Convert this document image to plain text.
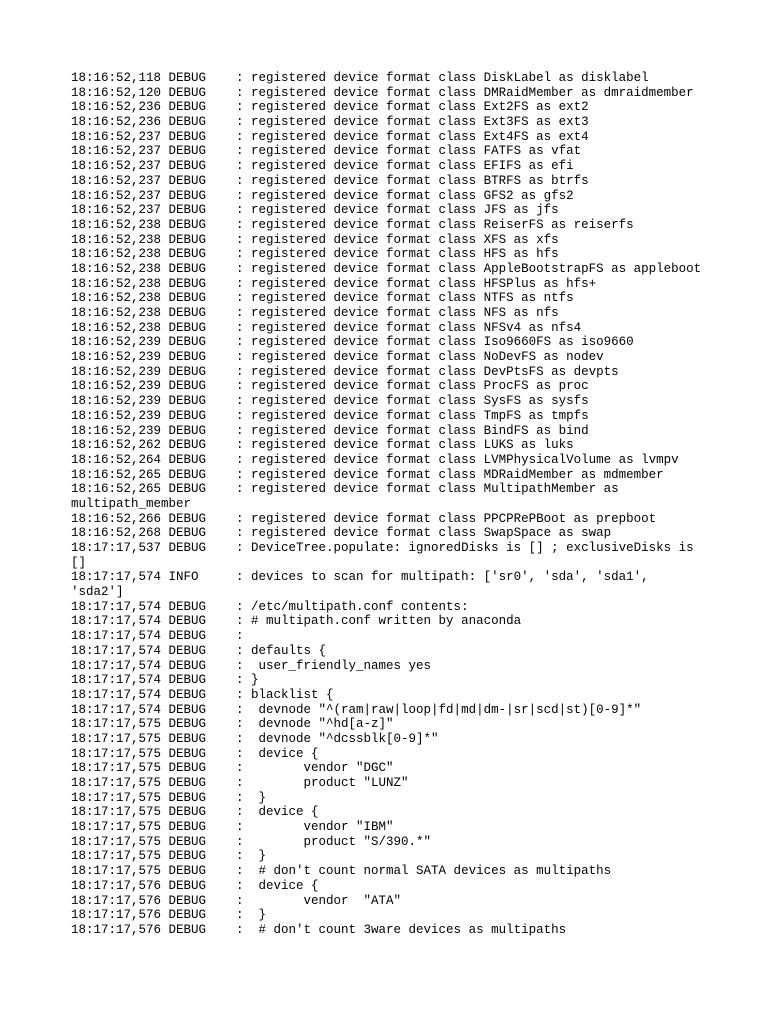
18:16:52,118 DEBUG    : registered device format class DiskLabel as disklabel
18:16:52,120 DEBUG    : registered device format class DMRaidMember as dmraidmember
18:16:52,236 DEBUG    : registered device format class Ext2FS as ext2
18:16:52,236 DEBUG    : registered device format class Ext3FS as ext3
18:16:52,237 DEBUG    : registered device format class Ext4FS as ext4
18:16:52,237 DEBUG    : registered device format class FATFS as vfat
18:16:52,237 DEBUG    : registered device format class EFIFS as efi
18:16:52,237 DEBUG    : registered device format class BTRFS as btrfs
18:16:52,237 DEBUG    : registered device format class GFS2 as gfs2
18:16:52,237 DEBUG    : registered device format class JFS as jfs
18:16:52,238 DEBUG    : registered device format class ReiserFS as reiserfs
18:16:52,238 DEBUG    : registered device format class XFS as xfs
18:16:52,238 DEBUG    : registered device format class HFS as hfs
18:16:52,238 DEBUG    : registered device format class AppleBootstrapFS as appleboot
18:16:52,238 DEBUG    : registered device format class HFSPlus as hfs+
18:16:52,238 DEBUG    : registered device format class NTFS as ntfs
18:16:52,238 DEBUG    : registered device format class NFS as nfs
18:16:52,238 DEBUG    : registered device format class NFSv4 as nfs4
18:16:52,239 DEBUG    : registered device format class Iso9660FS as iso9660
18:16:52,239 DEBUG    : registered device format class NoDevFS as nodev
18:16:52,239 DEBUG    : registered device format class DevPtsFS as devpts
18:16:52,239 DEBUG    : registered device format class ProcFS as proc
18:16:52,239 DEBUG    : registered device format class SysFS as sysfs
18:16:52,239 DEBUG    : registered device format class TmpFS as tmpfs
18:16:52,239 DEBUG    : registered device format class BindFS as bind
18:16:52,262 DEBUG    : registered device format class LUKS as luks
18:16:52,264 DEBUG    : registered device format class LVMPhysicalVolume as lvmpv
18:16:52,265 DEBUG    : registered device format class MDRaidMember as mdmember
18:16:52,265 DEBUG    : registered device format class MultipathMember as
multipath_member
18:16:52,266 DEBUG    : registered device format class PPCPRePBoot as prepboot
18:16:52,268 DEBUG    : registered device format class SwapSpace as swap
18:17:17,537 DEBUG    : DeviceTree.populate: ignoredDisks is [] ; exclusiveDisks is
[]
18:17:17,574 INFO     : devices to scan for multipath: ['sr0', 'sda', 'sda1',
'sda2']
18:17:17,574 DEBUG    : /etc/multipath.conf contents:
18:17:17,574 DEBUG    : # multipath.conf written by anaconda
18:17:17,574 DEBUG    :
18:17:17,574 DEBUG    : defaults {
18:17:17,574 DEBUG    :  user_friendly_names yes
18:17:17,574 DEBUG    : }
18:17:17,574 DEBUG    : blacklist {
18:17:17,574 DEBUG    :  devnode "^(ram|raw|loop|fd|md|dm-|sr|scd|st)[0-9]*"
18:17:17,575 DEBUG    :  devnode "^hd[a-z]"
18:17:17,575 DEBUG    :  devnode "^dcssblk[0-9]*"
18:17:17,575 DEBUG    :  device {
18:17:17,575 DEBUG    :        vendor "DGC"
18:17:17,575 DEBUG    :        product "LUNZ"
18:17:17,575 DEBUG    :  }
18:17:17,575 DEBUG    :  device {
18:17:17,575 DEBUG    :        vendor "IBM"
18:17:17,575 DEBUG    :        product "S/390.*"
18:17:17,575 DEBUG    :  }
18:17:17,575 DEBUG    :  # don't count normal SATA devices as multipaths
18:17:17,576 DEBUG    :  device {
18:17:17,576 DEBUG    :        vendor  "ATA"
18:17:17,576 DEBUG    :  }
18:17:17,576 DEBUG    :  # don't count 3ware devices as multipaths
